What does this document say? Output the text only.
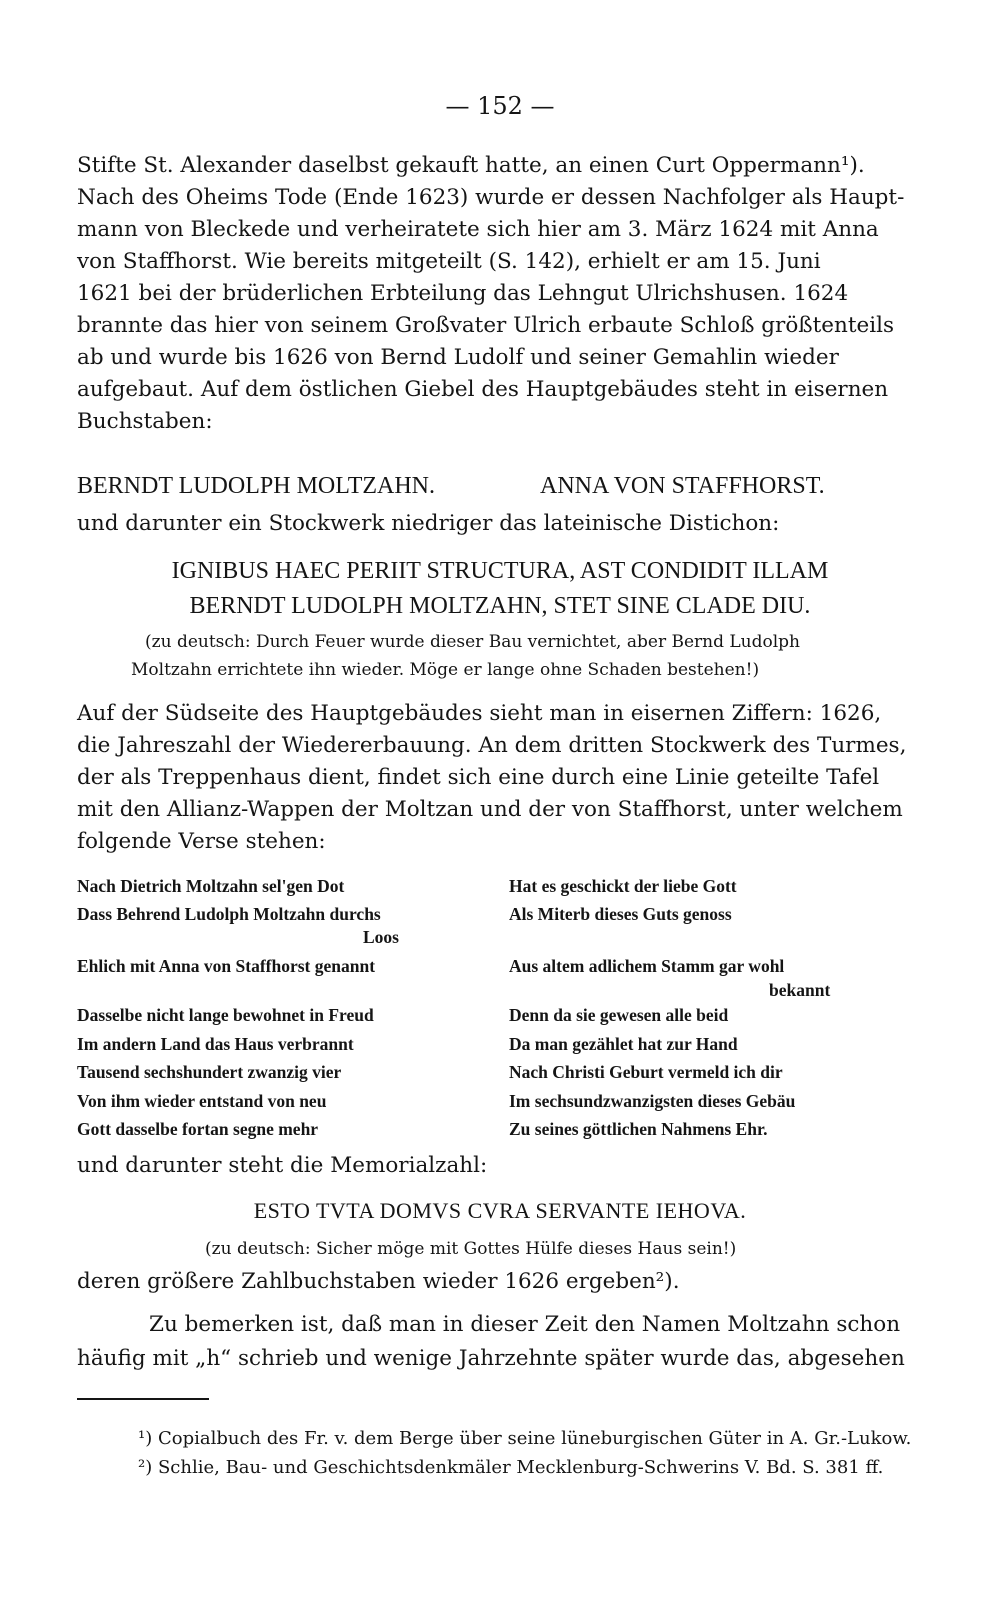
— 152 —
Stifte St. Alexander daselbst gekauft hatte, an einen Curt Oppermann¹).
Nach des Oheims Tode (Ende 1623) wurde er dessen Nachfolger als Haupt-
mann von Bleckede und verheiratete sich hier am 3. März 1624 mit Anna
von Staffhorst. Wie bereits mitgeteilt (S. 142), erhielt er am 15. Juni
1621 bei der brüderlichen Erbteilung das Lehngut Ulrichshusen. 1624
brannte das hier von seinem Großvater Ulrich erbaute Schloß größtenteils
ab und wurde bis 1626 von Bernd Ludolf und seiner Gemahlin wieder
aufgebaut. Auf dem östlichen Giebel des Hauptgebäudes steht in eisernen
Buchstaben:
BERNDT LUDOLPH MOLTZAHN.	ANNA VON STAFFHORST.
und darunter ein Stockwerk niedriger das lateinische Distichon:
IGNIBUS HAEC PERIIT STRUCTURA, AST CONDIDIT ILLAM
BERNDT LUDOLPH MOLTZAHN, STET SINE CLADE DIU.
(zu deutsch: Durch Feuer wurde dieser Bau vernichtet, aber Bernd Ludolph
Moltzahn errichtete ihn wieder. Möge er lange ohne Schaden bestehen!)
Auf der Südseite des Hauptgebäudes sieht man in eisernen Ziffern: 1626,
die Jahreszahl der Wiedererbauung. An dem dritten Stockwerk des Turmes,
der als Treppenhaus dient, findet sich eine durch eine Linie geteilte Tafel
mit den Allianz-Wappen der Moltzan und der von Staffhorst, unter welchem
folgende Verse stehen:
Nach Dietrich Moltzahn sel'gen Dot
Dass Behrend Ludolph Moltzahn durchs
Loos
Ehlich mit Anna von Staffhorst genannt
Dasselbe nicht lange bewohnet in Freud
Im andern Land das Haus verbrannt
Tausend sechshundert zwanzig vier
Von ihm wieder entstand von neu
Gott dasselbe fortan segne mehr
Hat es geschickt der liebe Gott
Als Miterb dieses Guts genoss
Aus altem adlichem Stamm gar wohl
bekannt
Denn da sie gewesen alle beid
Da man gezählet hat zur Hand
Nach Christi Geburt vermeld ich dir
Im sechsundzwanzigsten dieses Gebäu
Zu seines göttlichen Nahmens Ehr.
und darunter steht die Memorialzahl:
ESTO TVTA DOMVS CVRA SERVANTE IEHOVA.
(zu deutsch: Sicher möge mit Gottes Hülfe dieses Haus sein!)
deren größere Zahlbuchstaben wieder 1626 ergeben²).
Zu bemerken ist, daß man in dieser Zeit den Namen Moltzahn schon
häufig mit „h“ schrieb und wenige Jahrzehnte später wurde das, abgesehen
¹) Copialbuch des Fr. v. dem Berge über seine lüneburgischen Güter in A. Gr.-Lukow.
²) Schlie, Bau- und Geschichtsdenkmäler Mecklenburg-Schwerins V. Bd. S. 381 ff.
